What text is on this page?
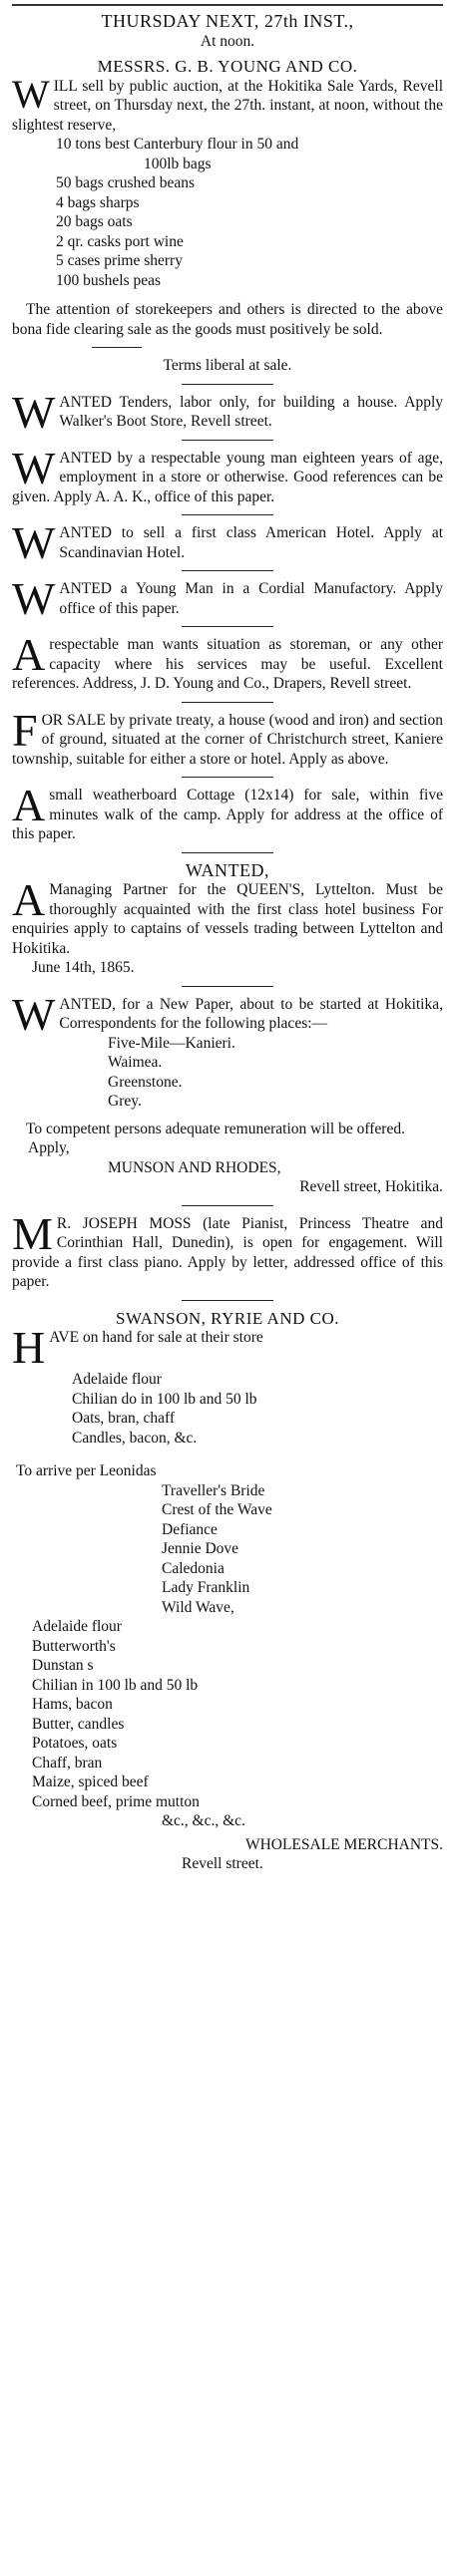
THURSDAY NEXT, 27th INST.,
At noon.
MESSRS. G. B. YOUNG AND CO.

WILL sell by public auction, at the Hokitika Sale Yards, Revell street, on Thursday next, the 27th. instant, at noon, without the slightest reserve,

10 tons best Canterbury flour in 50 and
100lb bags
50 bags crushed beans
4 bags sharps
20 bags oats
2 qr. casks port wine
5 cases prime sherry
100 bushels peas

The attention of storekeepers and others is directed to the above bona fide clearing sale as the goods must positively be sold.

Terms liberal at sale.

WANTED Tenders, labor only, for building a house. Apply Walker's Boot Store, Revell street.

WANTED by a respectable young man eighteen years of age, employment in a store or otherwise. Good references can be given. Apply A. A. K., office of this paper.

WANTED to sell a first class American Hotel. Apply at Scandinavian Hotel.

WANTED a Young Man in a Cordial Manufactory. Apply office of this paper.

Arespectable man wants situation as storeman, or any other capacity where his services may be useful. Excellent references. Address, J. D. Young and Co., Drapers, Revell street.

FOR SALE by private treaty, a house (wood and iron) and section of ground, situated at the corner of Christchurch street, Kaniere township, suitable for either a store or hotel. Apply as above.

Asmall weatherboard Cottage (12x14) for sale, within five minutes walk of the camp. Apply for address at the office of this paper.

WANTED,

A Managing Partner for the QUEEN'S, Lyttelton. Must be thoroughly acquainted with the first class hotel business For enquiries apply to captains of vessels trading between Lyttelton and Hokitika.

June 14th, 1865.

WANTED, for a New Paper, about to be started at Hokitika, Correspondents for the following places:—

Five-Mile—Kanieri.
Waimea.
Greenstone.
Grey.

To competent persons adequate remuneration will be offered.

Apply,
MUNSON AND RHODES,
Revell street, Hokitika.

M R. JOSEPH MOSS (late Pianist, Princess Theatre and Corinthian Hall, Dunedin), is open for engagement. Will provide a first class piano. Apply by letter, addressed office of this paper.

SWANSON, RYRIE AND CO.

HAVE on hand for sale at their store

Adelaide flour
Chilian do in 100 lb and 50 lb
Oats, bran, chaff
Candles, bacon, &c.
To arrive per Leonidas
Traveller's Bride
Crest of the Wave
Defiance
Jennie Dove
Caledonia
Lady Franklin
Wild Wave,
Adelaide flour
Butterworth's
Dunstan s
Chilian in 100 lb and 50 lb
Hams, bacon
Butter, candles
Potatoes, oats
Chaff, bran
Maize, spiced beef
Corned beef, prime mutton
&c., &c., &c.
WHOLESALE MERCHANTS.
Revell street.
